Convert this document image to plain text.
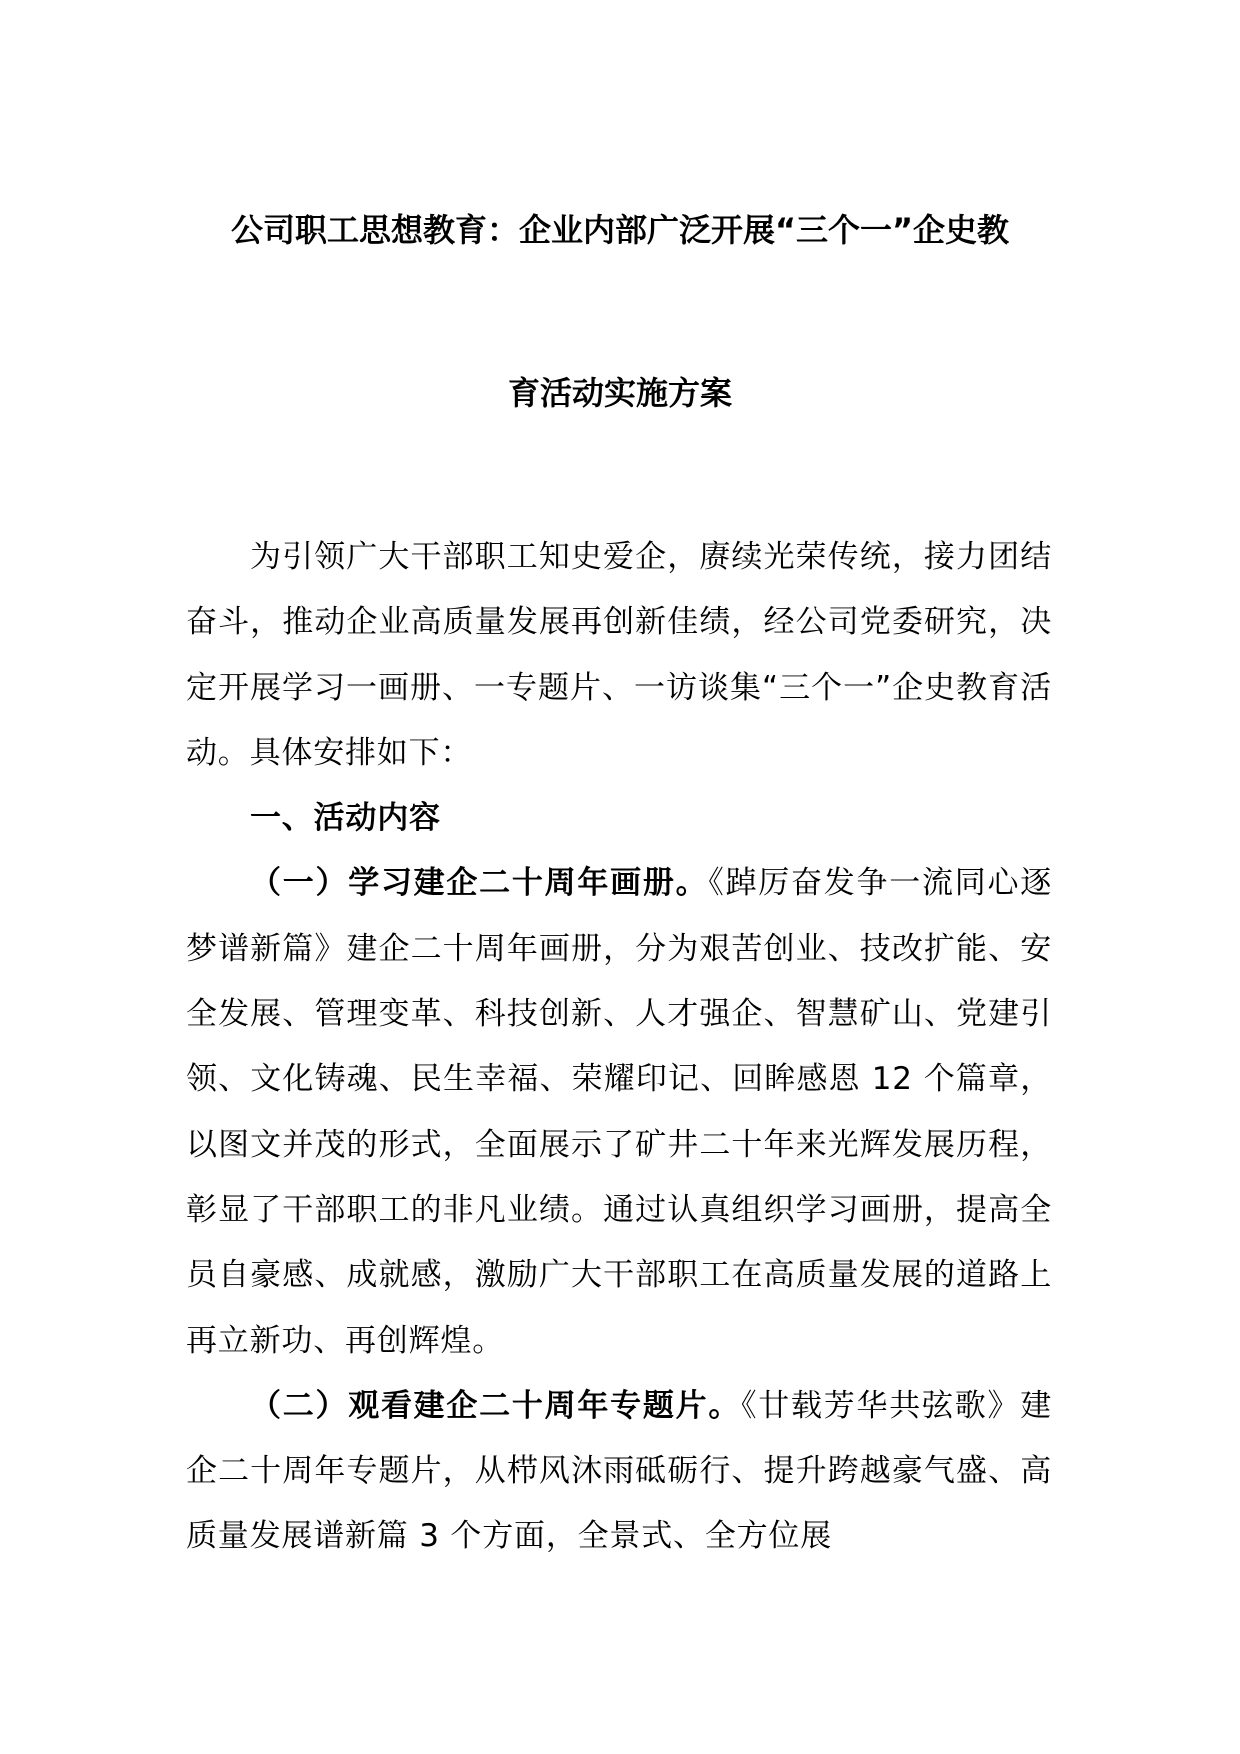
公司职工思想教育：企业内部广泛开展“三个一”企史教
育活动实施方案

为引领广大干部职工知史爱企，赓续光荣传统，接力团结奋斗，推动企业高质量发展再创新佳绩，经公司党委研究，决定开展学习一画册、一专题片、一访谈集“三个一”企史教育活动。具体安排如下：

一、活动内容

（一）学习建企二十周年画册。《踔厉奋发争一流同心逐梦谱新篇》建企二十周年画册，分为艰苦创业、技改扩能、安全发展、管理变革、科技创新、人才强企、智慧矿山、党建引领、文化铸魂、民生幸福、荣耀印记、回眸感恩 12 个篇章，以图文并茂的形式，全面展示了矿井二十年来光辉发展历程，彰显了干部职工的非凡业绩。通过认真组织学习画册，提高全员自豪感、成就感，激励广大干部职工在高质量发展的道路上再立新功、再创辉煌。

（二）观看建企二十周年专题片。《廿载芳华共弦歌》建企二十周年专题片，从栉风沐雨砥砺行、提升跨越豪气盛、高质量发展谱新篇 3 个方面，全景式、全方位展
